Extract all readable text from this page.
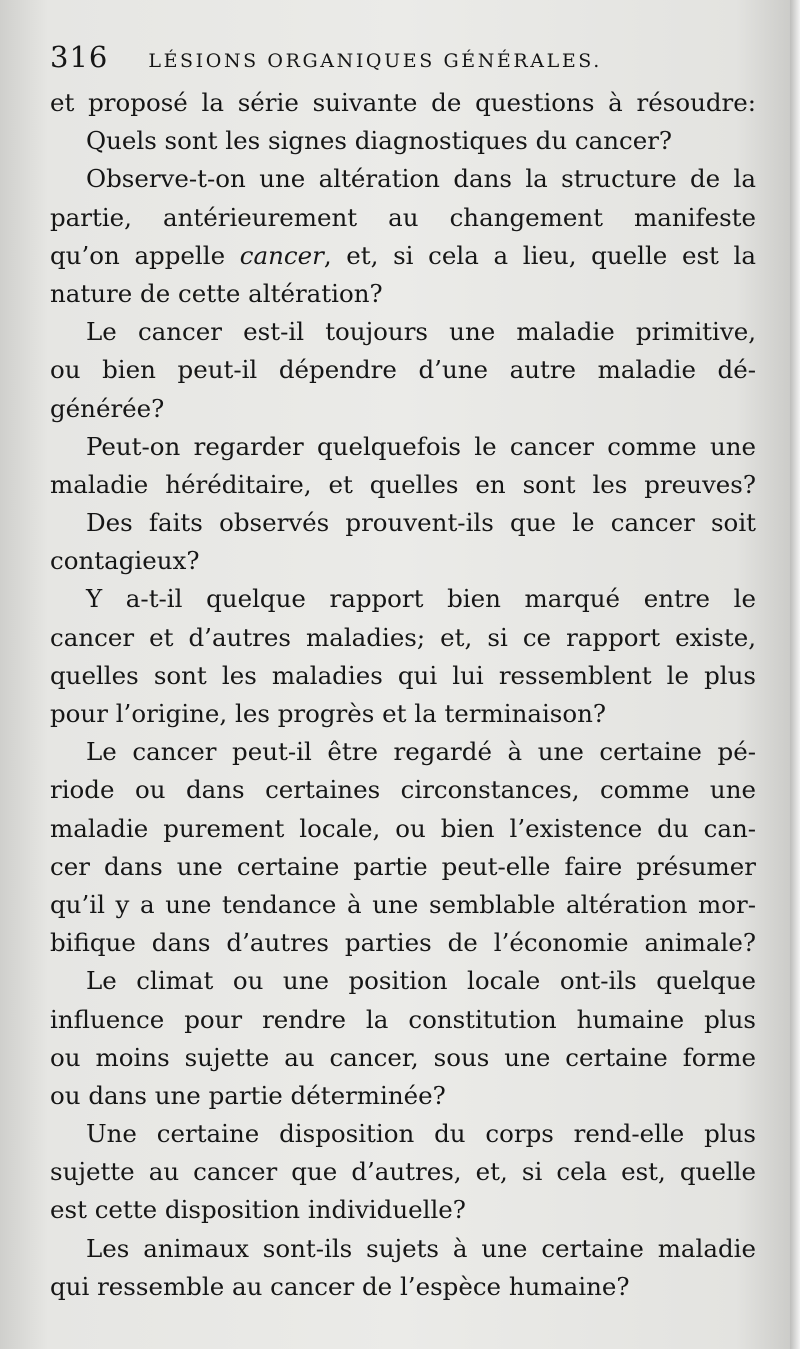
316 LÉSIONS ORGANIQUES GÉNÉRALES.
et proposé la série suivante de questions à résoudre:
Quels sont les signes diagnostiques du cancer?
Observe-t-on une altération dans la structure de la
partie, antérieurement au changement manifeste
qu’on appelle cancer, et, si cela a lieu, quelle est la
nature de cette altération?
Le cancer est-il toujours une maladie primitive,
ou bien peut-il dépendre d’une autre maladie dé-
générée?
Peut-on regarder quelquefois le cancer comme une
maladie héréditaire, et quelles en sont les preuves?
Des faits observés prouvent-ils que le cancer soit
contagieux?
Y a-t-il quelque rapport bien marqué entre le
cancer et d’autres maladies; et, si ce rapport existe,
quelles sont les maladies qui lui ressemblent le plus
pour l’origine, les progrès et la terminaison?
Le cancer peut-il être regardé à une certaine pé-
riode ou dans certaines circonstances, comme une
maladie purement locale, ou bien l’existence du can-
cer dans une certaine partie peut-elle faire présumer
qu’il y a une tendance à une semblable altération mor-
bifique dans d’autres parties de l’économie animale?
Le climat ou une position locale ont-ils quelque
influence pour rendre la constitution humaine plus
ou moins sujette au cancer, sous une certaine forme
ou dans une partie déterminée?
Une certaine disposition du corps rend-elle plus
sujette au cancer que d’autres, et, si cela est, quelle
est cette disposition individuelle?
Les animaux sont-ils sujets à une certaine maladie
qui ressemble au cancer de l’espèce humaine?
